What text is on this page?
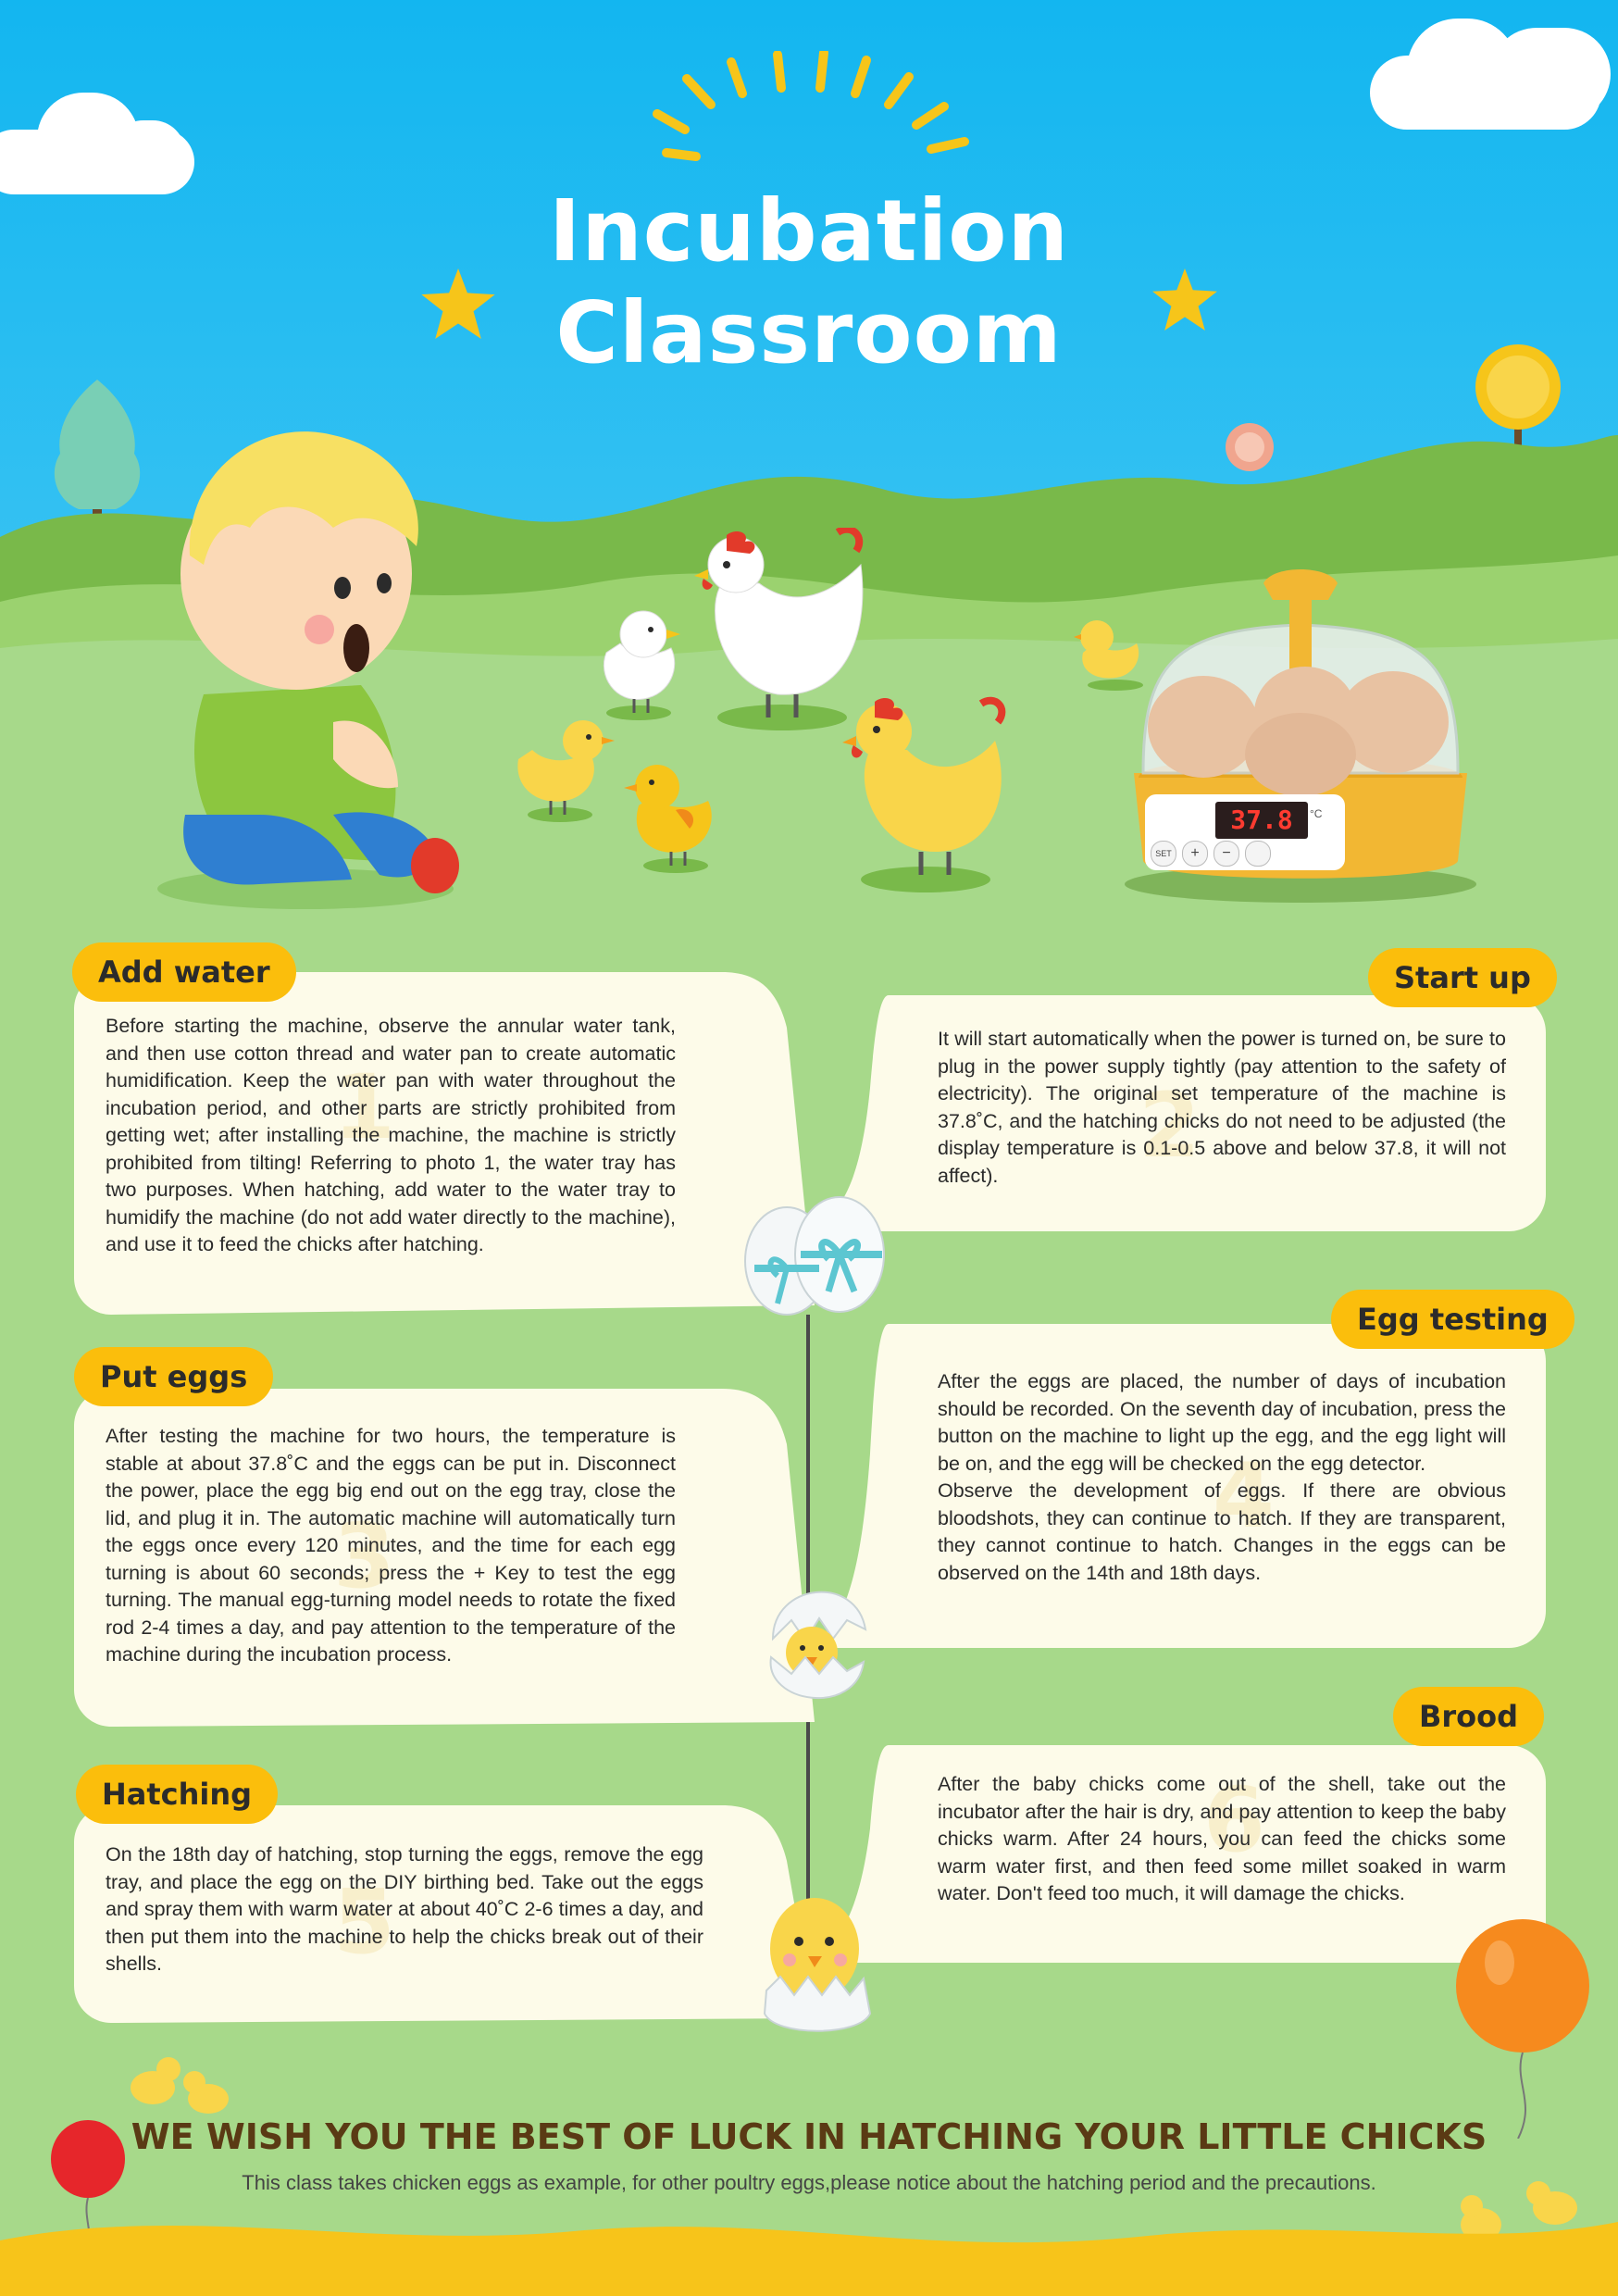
Incubation
Classroom
37.8	°C
SET	+	−
1
Add water

Before starting the machine, observe the annular water tank, and then use cotton thread and water pan to create automatic humidification. Keep the water pan with water throughout the incubation period, and other parts are strictly prohibited from getting wet; after installing the machine, the machine is strictly prohibited from tilting! Referring to photo 1, the water tray has two purposes. When hatching, add water to the water tray to humidify the machine (do not add water directly to the machine), and use it to feed the chicks after hatching.

2
Start up

It will start automatically when the power is turned on, be sure to plug in the power supply tightly (pay attention to the safety of electricity). The original set temperature of the machine is 37.8˚C, and the hatching chicks do not need to be adjusted (the display temperature is 0.1-0.5 above and below 37.8, it will not affect).

3
Put eggs

After testing the machine for two hours, the temperature is stable at about 37.8˚C and the eggs can be put in. Disconnect the power, place the egg big end out on the egg tray, close the lid, and plug it in. The automatic machine will automatically turn the eggs once every 120 minutes, and the time for each egg turning is about 60 seconds; press the + Key to test the egg turning. The manual egg-turning model needs to rotate the fixed rod 2-4 times a day, and pay attention to the temperature of the machine during the incubation process.

4
Egg testing

After the eggs are placed, the number of days of incubation should be recorded. On the seventh day of incubation, press the button on the machine to light up the egg, and the egg light will be on, and the egg will be checked on the egg detector.
Observe the development of eggs. If there are obvious bloodshots, they can continue to hatch. If they are transparent, they cannot continue to hatch. Changes in the eggs can be observed on the 14th and 18th days.

5
Hatching

On the 18th day of hatching, stop turning the eggs, remove the egg tray, and place the egg on the DIY birthing bed. Take out the eggs and spray them with warm water at about 40˚C 2-6 times a day, and then put them into the machine to help the chicks break out of their shells.

6
Brood

After the baby chicks come out of the shell, take out the incubator after the hair is dry, and pay attention to keep the baby chicks warm. After 24 hours, you can feed the chicks some warm water first, and then feed some millet soaked in warm water. Don't feed too much, it will damage the chicks.

WE WISH YOU THE BEST OF LUCK IN HATCHING YOUR LITTLE CHICKS
This class takes chicken eggs as example, for other poultry eggs,please notice about the hatching period and the precautions.
